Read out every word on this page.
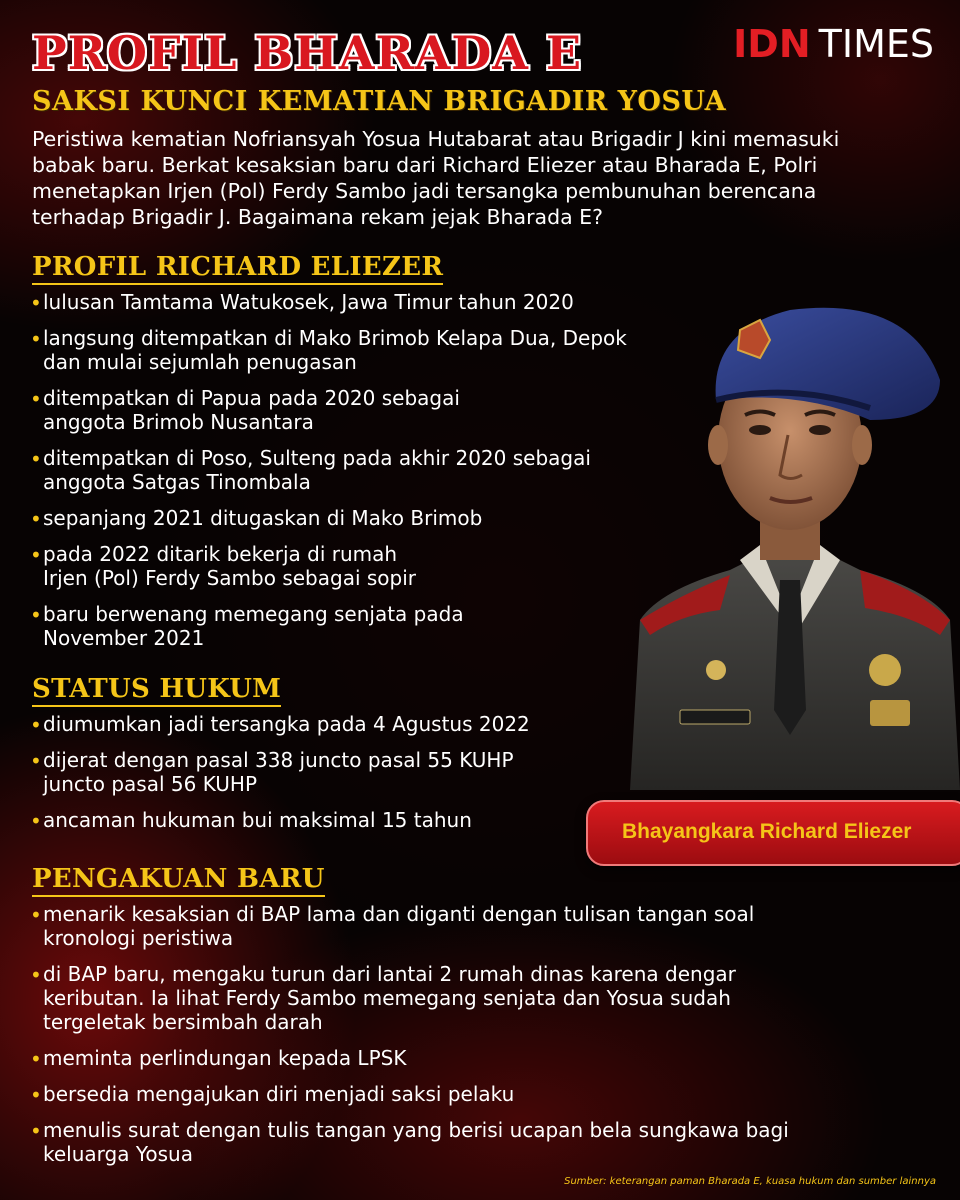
PROFIL BHARADA E	IDN TIMES
SAKSI KUNCI KEMATIAN BRIGADIR YOSUA

Peristiwa kematian Nofriansyah Yosua Hutabarat atau Brigadir J kini memasuki
babak baru. Berkat kesaksian baru dari Richard Eliezer atau Bharada E, Polri
menetapkan Irjen (Pol) Ferdy Sambo jadi tersangka pembunuhan berencana
terhadap Brigadir J. Bagaimana rekam jejak Bharada E?

PROFIL RICHARD ELIEZER
• lulusan Tamtama Watukosek, Jawa Timur tahun 2020
• langsung ditempatkan di Mako Brimob Kelapa Dua, Depok
dan mulai sejumlah penugasan
• ditempatkan di Papua pada 2020 sebagai
anggota Brimob Nusantara
• ditempatkan di Poso, Sulteng pada akhir 2020 sebagai
anggota Satgas Tinombala
• sepanjang 2021 ditugaskan di Mako Brimob
• pada 2022 ditarik bekerja di rumah
Irjen (Pol) Ferdy Sambo sebagai sopir
• baru berwenang memegang senjata pada
November 2021
STATUS HUKUM
• diumumkan jadi tersangka pada 4 Agustus 2022
• dijerat dengan pasal 338 juncto pasal 55 KUHP
juncto pasal 56 KUHP
• ancaman hukuman bui maksimal 15 tahun	Bhayangkara Richard Eliezer
PENGAKUAN BARU
• menarik kesaksian di BAP lama dan diganti dengan tulisan tangan soal
kronologi peristiwa
• di BAP baru, mengaku turun dari lantai 2 rumah dinas karena dengar
keributan. Ia lihat Ferdy Sambo memegang senjata dan Yosua sudah
tergeletak bersimbah darah
• meminta perlindungan kepada LPSK
• bersedia mengajukan diri menjadi saksi pelaku
• menulis surat dengan tulis tangan yang berisi ucapan bela sungkawa bagi
keluarga Yosua
Sumber: keterangan paman Bharada E, kuasa hukum dan sumber lainnya
